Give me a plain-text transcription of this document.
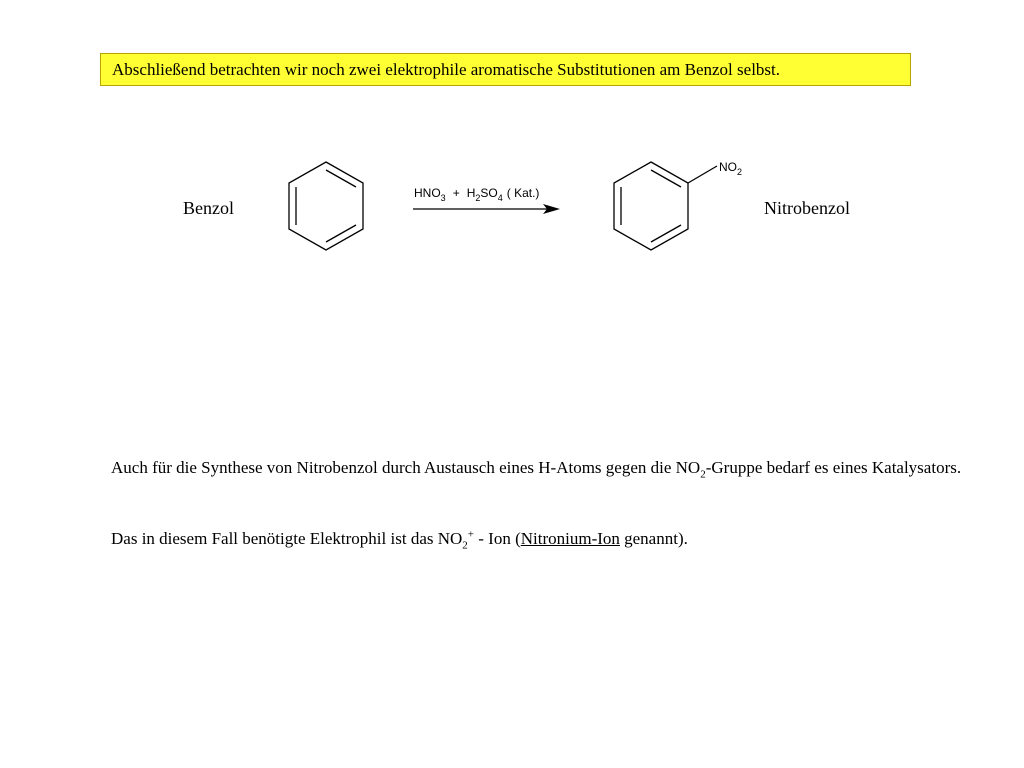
Abschließend betrachten wir noch zwei elektrophile aromatische Substitutionen am Benzol selbst.
Benzol	Nitrobenzol
$HNO_3 + H_2SO_4$ ( Kat.)
$NO_2$
Auch für die Synthese von Nitrobenzol durch Austausch eines H-Atoms gegen die $NO_2$-Gruppe bedarf es eines Katalysators.
Das in diesem Fall benötigte Elektrophil ist das $NO_2^+$ - Ion (Nitronium-Ion genannt).
